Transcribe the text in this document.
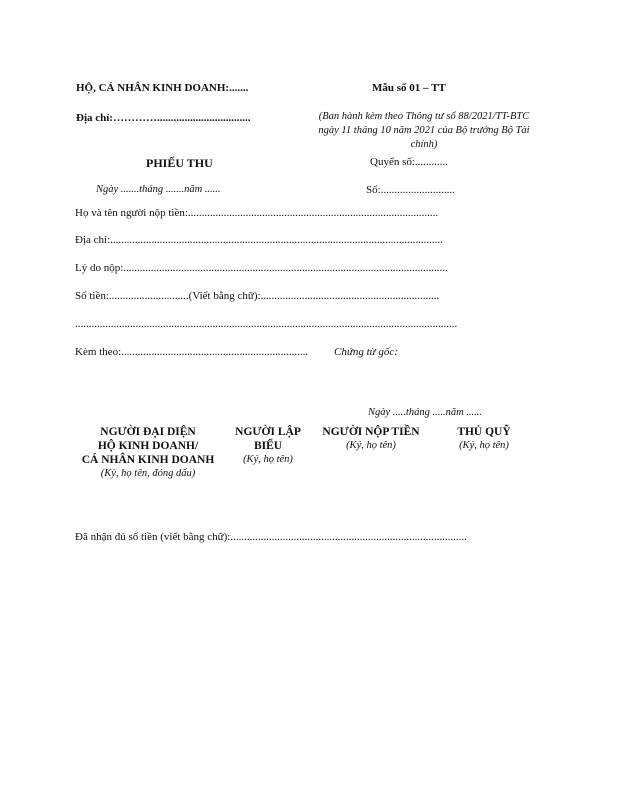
HỘ, CÁ NHÂN KINH DOANH:.......	Mẫu số 01 – TT
Địa chỉ:…………..................................	(Ban hành kèm theo Thông tư số 88/2021/TT-BTC
ngày 11 tháng 10 năm 2021 của Bộ trưởng Bộ Tài
chính)
PHIẾU THU	Quyển số:............
Ngày .......tháng .......năm ......	Số:...........................
Họ và tên người nộp tiền:...........................................................................................
Địa chỉ:.........................................................................................................................
Lý do nộp:......................................................................................................................
Số tiền:.............................(Viết bằng chữ):.................................................................
...........................................................................................................................................
Kèm theo:.................................................................... Chứng từ gốc:
Ngày .....tháng .....năm ......
NGƯỜI ĐẠI DIỆN
HỘ KINH DOANH/
CÁ NHÂN KINH DOANH
(Ký, họ tên, đóng dấu)
NGƯỜI LẬP
BIỂU
(Ký, họ tên)
NGƯỜI NỘP TIỀN
(Ký, họ tên)
THỦ QUỸ
(Ký, họ tên)
Đã nhận đủ số tiền (viết bằng chữ):......................................................................................
